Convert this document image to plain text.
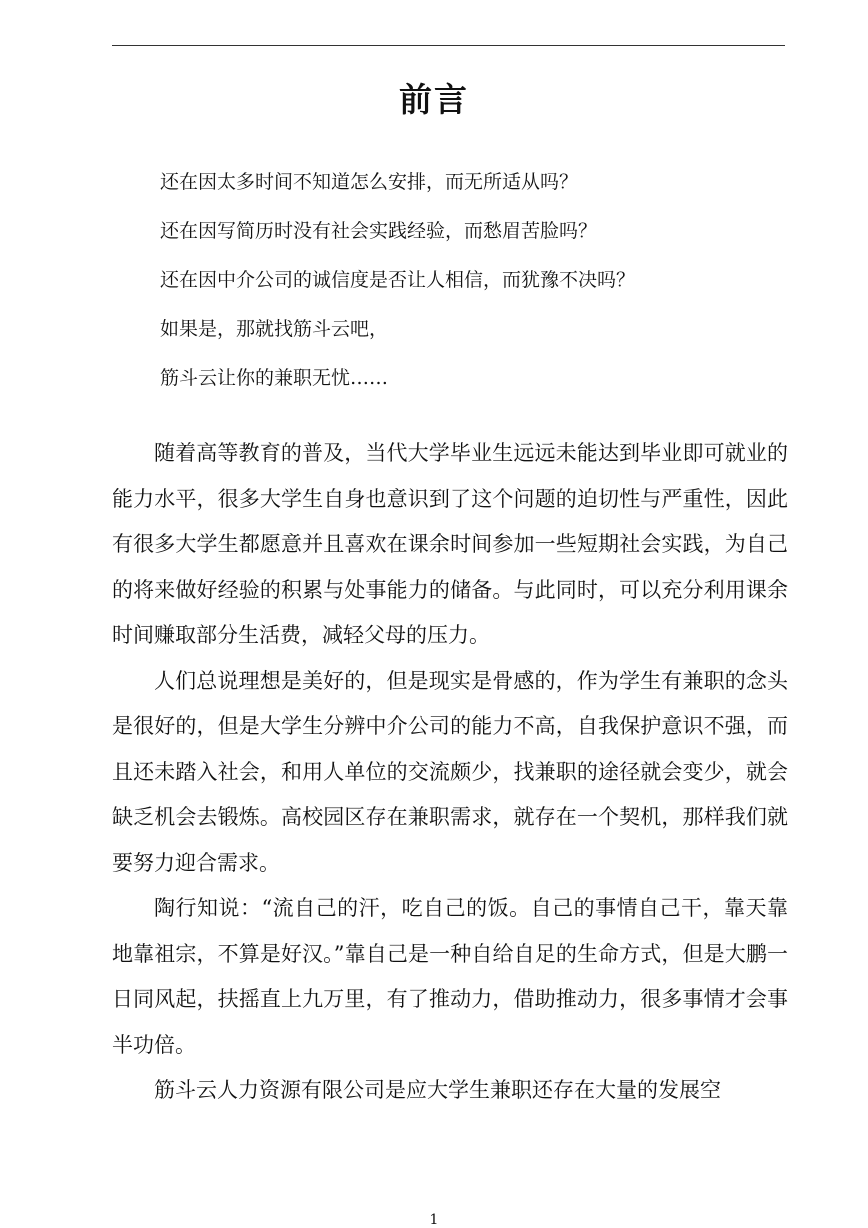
前言

还在因太多时间不知道怎么安排，而无所适从吗？

还在因写简历时没有社会实践经验，而愁眉苦脸吗？

还在因中介公司的诚信度是否让人相信，而犹豫不决吗？

如果是，那就找筋斗云吧，

筋斗云让你的兼职无忧……

随着高等教育的普及，当代大学毕业生远远未能达到毕业即可就业的能力水平，很多大学生自身也意识到了这个问题的迫切性与严重性，因此有很多大学生都愿意并且喜欢在课余时间参加一些短期社会实践，为自己的将来做好经验的积累与处事能力的储备。与此同时，可以充分利用课余时间赚取部分生活费，减轻父母的压力。

人们总说理想是美好的，但是现实是骨感的，作为学生有兼职的念头是很好的，但是大学生分辨中介公司的能力不高，自我保护意识不强，而且还未踏入社会，和用人单位的交流颇少，找兼职的途径就会变少，就会缺乏机会去锻炼。高校园区存在兼职需求，就存在一个契机，那样我们就要努力迎合需求。

陶行知说：“流自己的汗，吃自己的饭。自己的事情自己干，靠天靠地靠祖宗，不算是好汉。”靠自己是一种自给自足的生命方式，但是大鹏一日同风起，扶摇直上九万里，有了推动力，借助推动力，很多事情才会事半功倍。

筋斗云人力资源有限公司是应大学生兼职还存在大量的发展空

1
